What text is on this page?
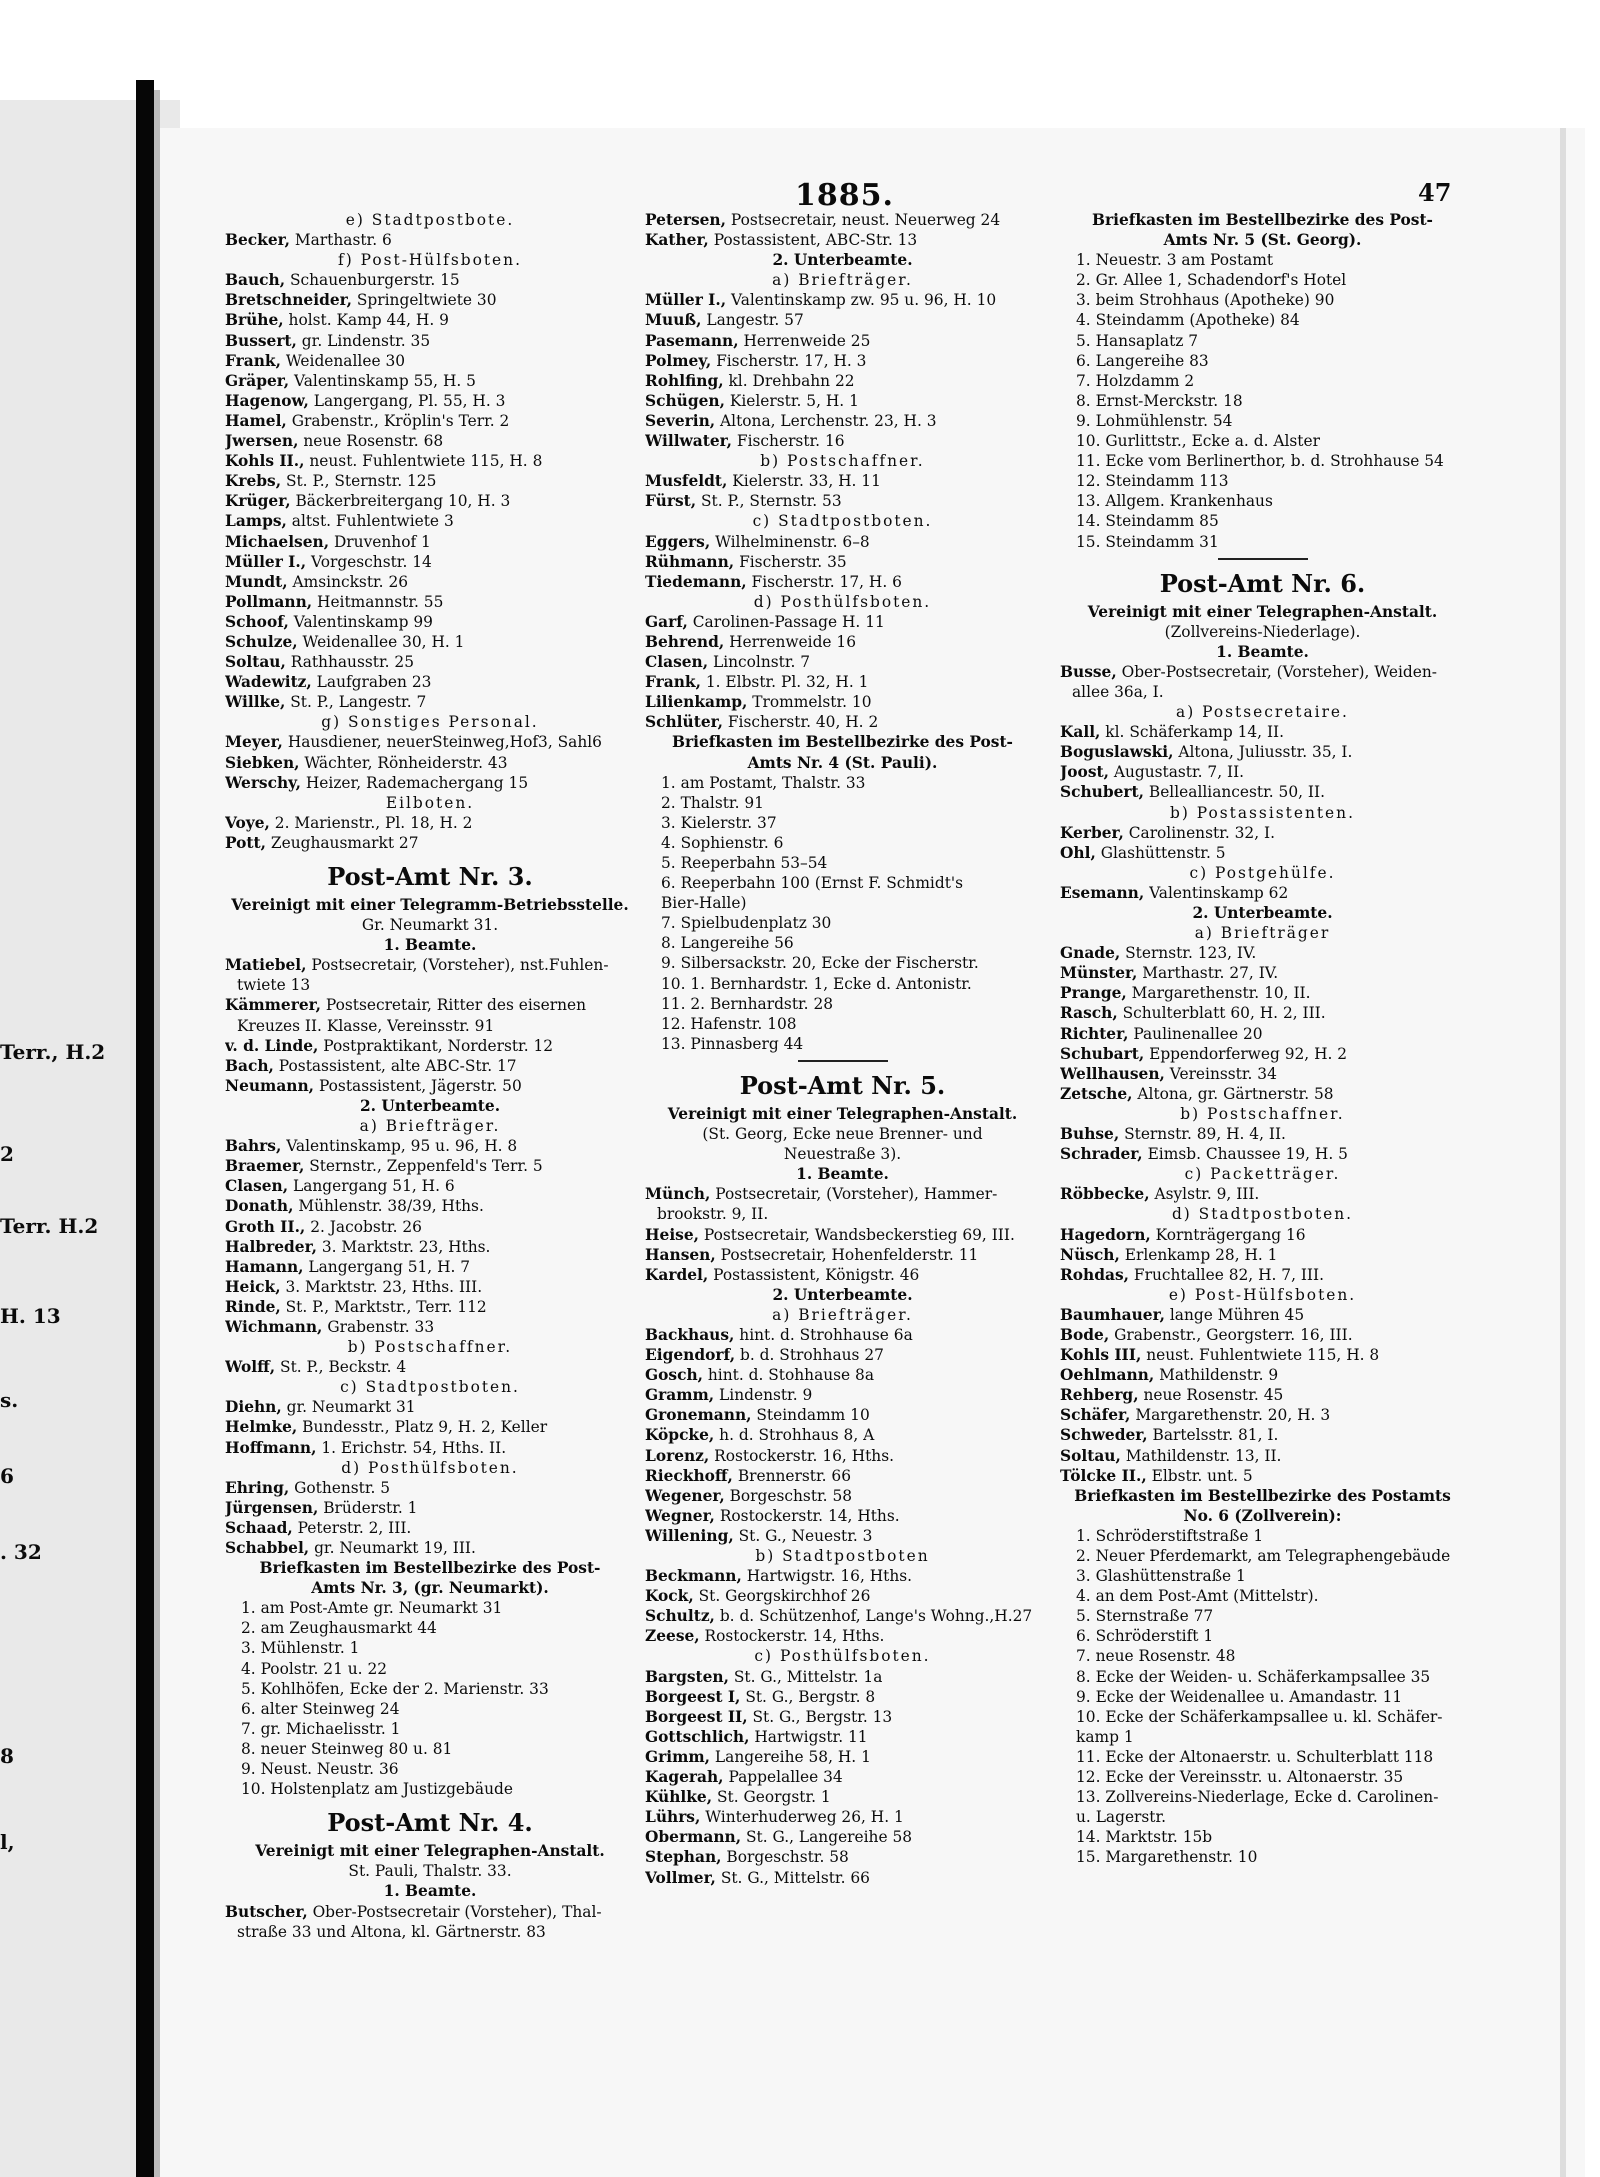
Terr., H.2
2
Terr. H.2
H. 13
s.
6
. 32
8
l,
1885.	47
e) Stadtpostbote.
Becker, Marthastr. 6
f) Post-Hülfsboten.
Bauch, Schauenburgerstr. 15
Bretschneider, Springeltwiete 30
Brühe, holst. Kamp 44, H. 9
Bussert, gr. Lindenstr. 35
Frank, Weidenallee 30
Gräper, Valentinskamp 55, H. 5
Hagenow, Langergang, Pl. 55, H. 3
Hamel, Grabenstr., Kröplin's Terr. 2
Jwersen, neue Rosenstr. 68
Kohls II., neust. Fuhlentwiete 115, H. 8
Krebs, St. P., Sternstr. 125
Krüger, Bäckerbreitergang 10, H. 3
Lamps, altst. Fuhlentwiete 3
Michaelsen, Druvenhof 1
Müller I., Vorgeschstr. 14
Mundt, Amsinckstr. 26
Pollmann, Heitmannstr. 55
Schoof, Valentinskamp 99
Schulze, Weidenallee 30, H. 1
Soltau, Rathhausstr. 25
Wadewitz, Laufgraben 23
Willke, St. P., Langestr. 7
g) Sonstiges Personal.
Meyer, Hausdiener, neuerSteinweg,Hof3, Sahl6
Siebken, Wächter, Rönheiderstr. 43
Werschy, Heizer, Rademachergang 15
Eilboten.
Voye, 2. Marienstr., Pl. 18, H. 2
Pott, Zeughausmarkt 27
Post-Amt Nr. 3.
Vereinigt mit einer Telegramm-Betriebsstelle.
Gr. Neumarkt 31.
1. Beamte.
Matiebel, Postsecretair, (Vorsteher), nst.Fuhlen-
twiete 13
Kämmerer, Postsecretair, Ritter des eisernen
Kreuzes II. Klasse, Vereinsstr. 91
v. d. Linde, Postpraktikant, Norderstr. 12
Bach, Postassistent, alte ABC-Str. 17
Neumann, Postassistent, Jägerstr. 50
2. Unterbeamte.
a) Briefträger.
Bahrs, Valentinskamp, 95 u. 96, H. 8
Braemer, Sternstr., Zeppenfeld's Terr. 5
Clasen, Langergang 51, H. 6
Donath, Mühlenstr. 38/39, Hths.
Groth II., 2. Jacobstr. 26
Halbreder, 3. Marktstr. 23, Hths.
Hamann, Langergang 51, H. 7
Heick, 3. Marktstr. 23, Hths. III.
Rinde, St. P., Marktstr., Terr. 112
Wichmann, Grabenstr. 33
b) Postschaffner.
Wolff, St. P., Beckstr. 4
c) Stadtpostboten.
Diehn, gr. Neumarkt 31
Helmke, Bundesstr., Platz 9, H. 2, Keller
Hoffmann, 1. Erichstr. 54, Hths. II.
d) Posthülfsboten.
Ehring, Gothenstr. 5
Jürgensen, Brüderstr. 1
Schaad, Peterstr. 2, III.
Schabbel, gr. Neumarkt 19, III.
Briefkasten im Bestellbezirke des Post-
Amts Nr. 3, (gr. Neumarkt).
1. am Post-Amte gr. Neumarkt 31
2. am Zeughausmarkt 44
3. Mühlenstr. 1
4. Poolstr. 21 u. 22
5. Kohlhöfen, Ecke der 2. Marienstr. 33
6. alter Steinweg 24
7. gr. Michaelisstr. 1
8. neuer Steinweg 80 u. 81
9. Neust. Neustr. 36
10. Holstenplatz am Justizgebäude
Post-Amt Nr. 4.
Vereinigt mit einer Telegraphen-Anstalt.
St. Pauli, Thalstr. 33.
1. Beamte.
Butscher, Ober-Postsecretair (Vorsteher), Thal-
straße 33 und Altona, kl. Gärtnerstr. 83
Petersen, Postsecretair, neust. Neuerweg 24
Kather, Postassistent, ABC-Str. 13
2. Unterbeamte.
a) Briefträger.
Müller I., Valentinskamp zw. 95 u. 96, H. 10
Muuß, Langestr. 57
Pasemann, Herrenweide 25
Polmey, Fischerstr. 17, H. 3
Rohlfing, kl. Drehbahn 22
Schügen, Kielerstr. 5, H. 1
Severin, Altona, Lerchenstr. 23, H. 3
Willwater, Fischerstr. 16
b) Postschaffner.
Musfeldt, Kielerstr. 33, H. 11
Fürst, St. P., Sternstr. 53
c) Stadtpostboten.
Eggers, Wilhelminenstr. 6–8
Rühmann, Fischerstr. 35
Tiedemann, Fischerstr. 17, H. 6
d) Posthülfsboten.
Garf, Carolinen-Passage H. 11
Behrend, Herrenweide 16
Clasen, Lincolnstr. 7
Frank, 1. Elbstr. Pl. 32, H. 1
Lilienkamp, Trommelstr. 10
Schlüter, Fischerstr. 40, H. 2
Briefkasten im Bestellbezirke des Post-
Amts Nr. 4 (St. Pauli).
1. am Postamt, Thalstr. 33
2. Thalstr. 91
3. Kielerstr. 37
4. Sophienstr. 6
5. Reeperbahn 53–54
6. Reeperbahn 100 (Ernst F. Schmidt's
Bier-Halle)
7. Spielbudenplatz 30
8. Langereihe 56
9. Silbersackstr. 20, Ecke der Fischerstr.
10. 1. Bernhardstr. 1, Ecke d. Antonistr.
11. 2. Bernhardstr. 28
12. Hafenstr. 108
13. Pinnasberg 44
Post-Amt Nr. 5.
Vereinigt mit einer Telegraphen-Anstalt.
(St. Georg, Ecke neue Brenner- und
Neuestraße 3).
1. Beamte.
Münch, Postsecretair, (Vorsteher), Hammer-
brookstr. 9, II.
Heise, Postsecretair, Wandsbeckerstieg 69, III.
Hansen, Postsecretair, Hohenfelderstr. 11
Kardel, Postassistent, Königstr. 46
2. Unterbeamte.
a) Briefträger.
Backhaus, hint. d. Strohhause 6a
Eigendorf, b. d. Strohhaus 27
Gosch, hint. d. Stohhause 8a
Gramm, Lindenstr. 9
Gronemann, Steindamm 10
Köpcke, h. d. Strohhaus 8, A
Lorenz, Rostockerstr. 16, Hths.
Rieckhoff, Brennerstr. 66
Wegener, Borgeschstr. 58
Wegner, Rostockerstr. 14, Hths.
Willening, St. G., Neuestr. 3
b) Stadtpostboten
Beckmann, Hartwigstr. 16, Hths.
Kock, St. Georgskirchhof 26
Schultz, b. d. Schützenhof, Lange's Wohng.,H.27
Zeese, Rostockerstr. 14, Hths.
c) Posthülfsboten.
Bargsten, St. G., Mittelstr. 1a
Borgeest I, St. G., Bergstr. 8
Borgeest II, St. G., Bergstr. 13
Gottschlich, Hartwigstr. 11
Grimm, Langereihe 58, H. 1
Kagerah, Pappelallee 34
Kühlke, St. Georgstr. 1
Lührs, Winterhuderweg 26, H. 1
Obermann, St. G., Langereihe 58
Stephan, Borgeschstr. 58
Vollmer, St. G., Mittelstr. 66
Briefkasten im Bestellbezirke des Post-
Amts Nr. 5 (St. Georg).
1. Neuestr. 3 am Postamt
2. Gr. Allee 1, Schadendorf's Hotel
3. beim Strohhaus (Apotheke) 90
4. Steindamm (Apotheke) 84
5. Hansaplatz 7
6. Langereihe 83
7. Holzdamm 2
8. Ernst-Merckstr. 18
9. Lohmühlenstr. 54
10. Gurlittstr., Ecke a. d. Alster
11. Ecke vom Berlinerthor, b. d. Strohhause 54
12. Steindamm 113
13. Allgem. Krankenhaus
14. Steindamm 85
15. Steindamm 31
Post-Amt Nr. 6.
Vereinigt mit einer Telegraphen-Anstalt.
(Zollvereins-Niederlage).
1. Beamte.
Busse, Ober-Postsecretair, (Vorsteher), Weiden-
allee 36a, I.
a) Postsecretaire.
Kall, kl. Schäferkamp 14, II.
Boguslawski, Altona, Juliusstr. 35, I.
Joost, Augustastr. 7, II.
Schubert, Bellealliancestr. 50, II.
b) Postassistenten.
Kerber, Carolinenstr. 32, I.
Ohl, Glashüttenstr. 5
c) Postgehülfe.
Esemann, Valentinskamp 62
2. Unterbeamte.
a) Briefträger
Gnade, Sternstr. 123, IV.
Münster, Marthastr. 27, IV.
Prange, Margarethenstr. 10, II.
Rasch, Schulterblatt 60, H. 2, III.
Richter, Paulinenallee 20
Schubart, Eppendorferweg 92, H. 2
Wellhausen, Vereinsstr. 34
Zetsche, Altona, gr. Gärtnerstr. 58
b) Postschaffner.
Buhse, Sternstr. 89, H. 4, II.
Schrader, Eimsb. Chaussee 19, H. 5
c) Packetträger.
Röbbecke, Asylstr. 9, III.
d) Stadtpostboten.
Hagedorn, Kornträgergang 16
Nüsch, Erlenkamp 28, H. 1
Rohdas, Fruchtallee 82, H. 7, III.
e) Post-Hülfsboten.
Baumhauer, lange Mühren 45
Bode, Grabenstr., Georgsterr. 16, III.
Kohls III, neust. Fuhlentwiete 115, H. 8
Oehlmann, Mathildenstr. 9
Rehberg, neue Rosenstr. 45
Schäfer, Margarethenstr. 20, H. 3
Schweder, Bartelsstr. 81, I.
Soltau, Mathildenstr. 13, II.
Tölcke II., Elbstr. unt. 5
Briefkasten im Bestellbezirke des Postamts
No. 6 (Zollverein):
1. Schröderstiftstraße 1
2. Neuer Pferdemarkt, am Telegraphengebäude
3. Glashüttenstraße 1
4. an dem Post-Amt (Mittelstr).
5. Sternstraße 77
6. Schröderstift 1
7. neue Rosenstr. 48
8. Ecke der Weiden- u. Schäferkampsallee 35
9. Ecke der Weidenallee u. Amandastr. 11
10. Ecke der Schäferkampsallee u. kl. Schäfer-
kamp 1
11. Ecke der Altonaerstr. u. Schulterblatt 118
12. Ecke der Vereinsstr. u. Altonaerstr. 35
13. Zollvereins-Niederlage, Ecke d. Carolinen-
u. Lagerstr.
14. Marktstr. 15b
15. Margarethenstr. 10
